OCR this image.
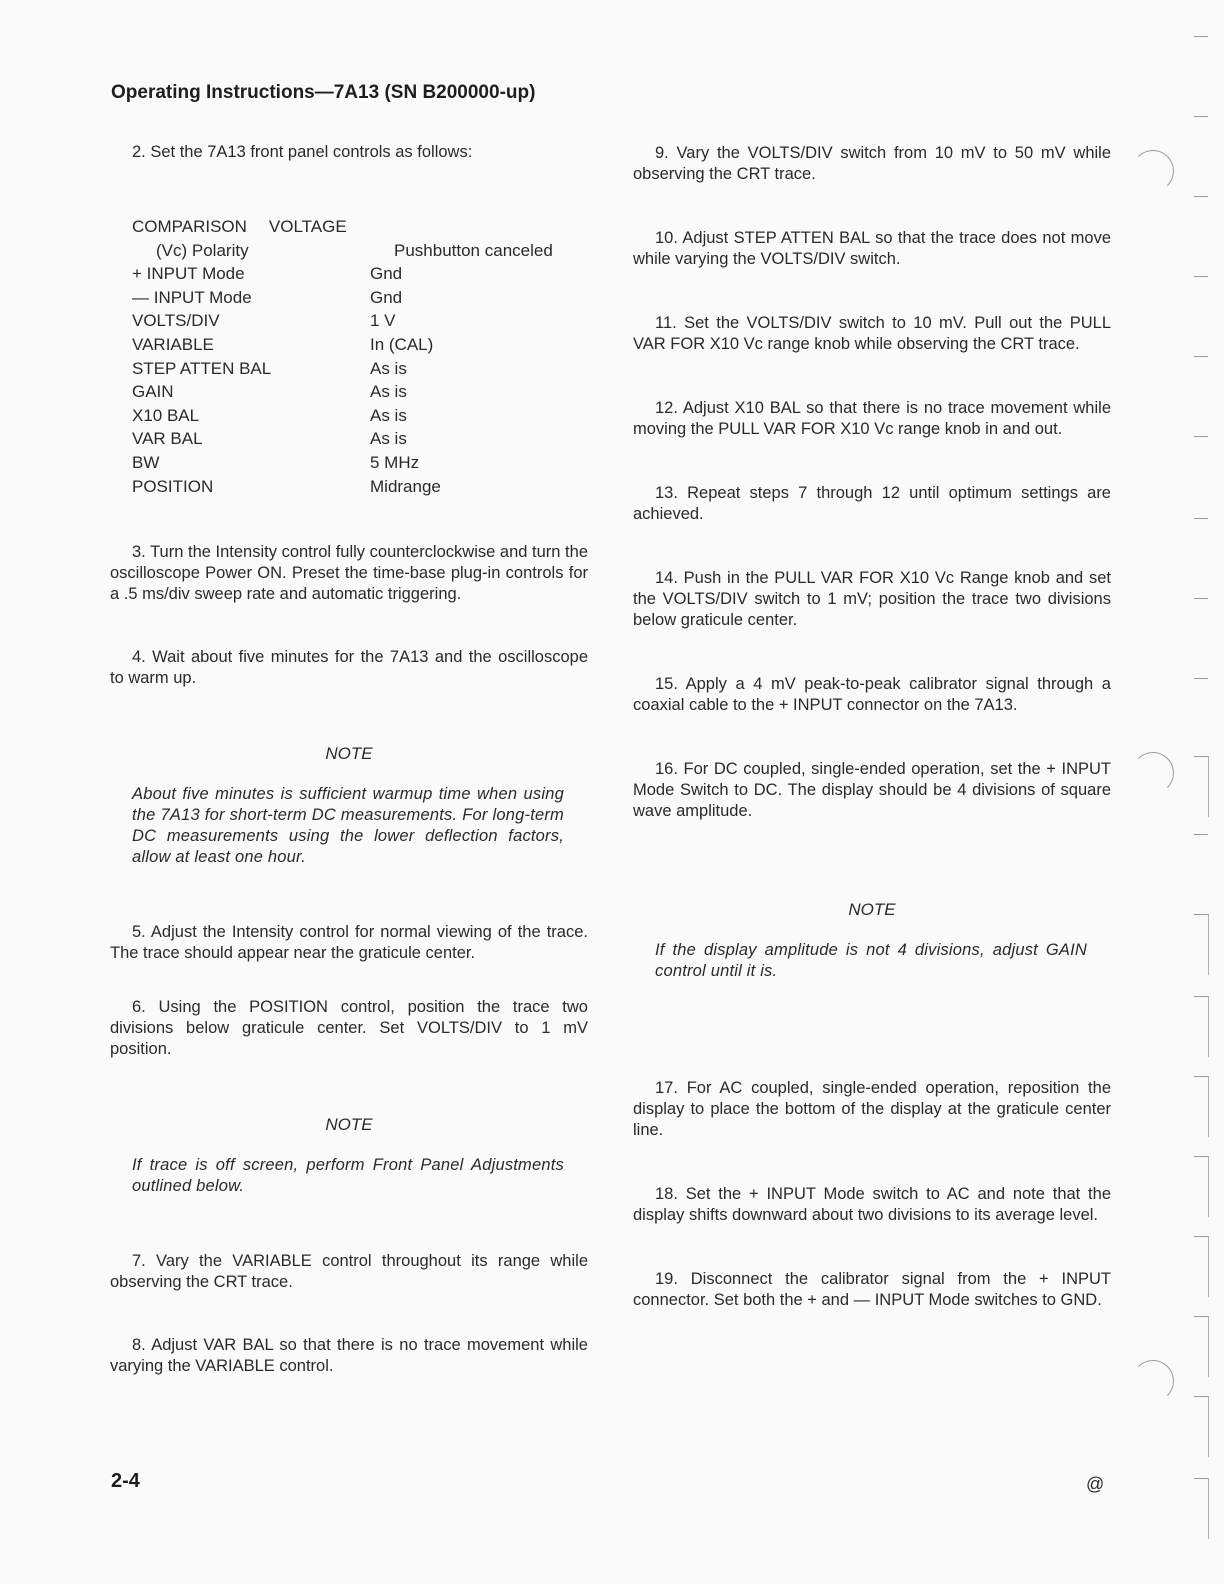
Operating Instructions—7A13 (SN B200000-up)

2. Set the 7A13 front panel controls as follows:

COMPARISON VOLTAGE
(Vᴄ) Polarity	Pushbutton canceled
+ INPUT Mode	Gnd
— INPUT Mode	Gnd
VOLTS/DIV	1 V
VARIABLE	In (CAL)
STEP ATTEN BAL	As is
GAIN	As is
X10 BAL	As is
VAR BAL	As is
BW	5 MHz
POSITION	Midrange

3. Turn the Intensity control fully counterclockwise and turn the oscilloscope Power ON. Preset the time-base plug-in controls for a .5 ms/div sweep rate and automatic triggering.

4. Wait about five minutes for the 7A13 and the oscilloscope to warm up.

NOTE

About five minutes is sufficient warmup time when using the 7A13 for short-term DC measurements. For long-term DC measurements using the lower deflection factors, allow at least one hour.

5. Adjust the Intensity control for normal viewing of the trace. The trace should appear near the graticule center.

6. Using the POSITION control, position the trace two divisions below graticule center. Set VOLTS/DIV to 1 mV position.

NOTE

If trace is off screen, perform Front Panel Adjustments outlined below.

7. Vary the VARIABLE control throughout its range while observing the CRT trace.

8. Adjust VAR BAL so that there is no trace movement while varying the VARIABLE control.

9. Vary the VOLTS/DIV switch from 10 mV to 50 mV while observing the CRT trace.

10. Adjust STEP ATTEN BAL so that the trace does not move while varying the VOLTS/DIV switch.

11. Set the VOLTS/DIV switch to 10 mV. Pull out the PULL VAR FOR X10 Vᴄ range knob while observing the CRT trace.

12. Adjust X10 BAL so that there is no trace movement while moving the PULL VAR FOR X10 Vᴄ range knob in and out.

13. Repeat steps 7 through 12 until optimum settings are achieved.

14. Push in the PULL VAR FOR X10 Vᴄ Range knob and set the VOLTS/DIV switch to 1 mV; position the trace two divisions below graticule center.

15. Apply a 4 mV peak-to-peak calibrator signal through a coaxial cable to the + INPUT connector on the 7A13.

16. For DC coupled, single-ended operation, set the + INPUT Mode Switch to DC. The display should be 4 divisions of square wave amplitude.

NOTE

If the display amplitude is not 4 divisions, adjust GAIN control until it is.

17. For AC coupled, single-ended operation, reposition the display to place the bottom of the display at the graticule center line.

18. Set the + INPUT Mode switch to AC and note that the display shifts downward about two divisions to its average level.

19. Disconnect the calibrator signal from the + INPUT connector. Set both the + and — INPUT Mode switches to GND.

2-4	@
